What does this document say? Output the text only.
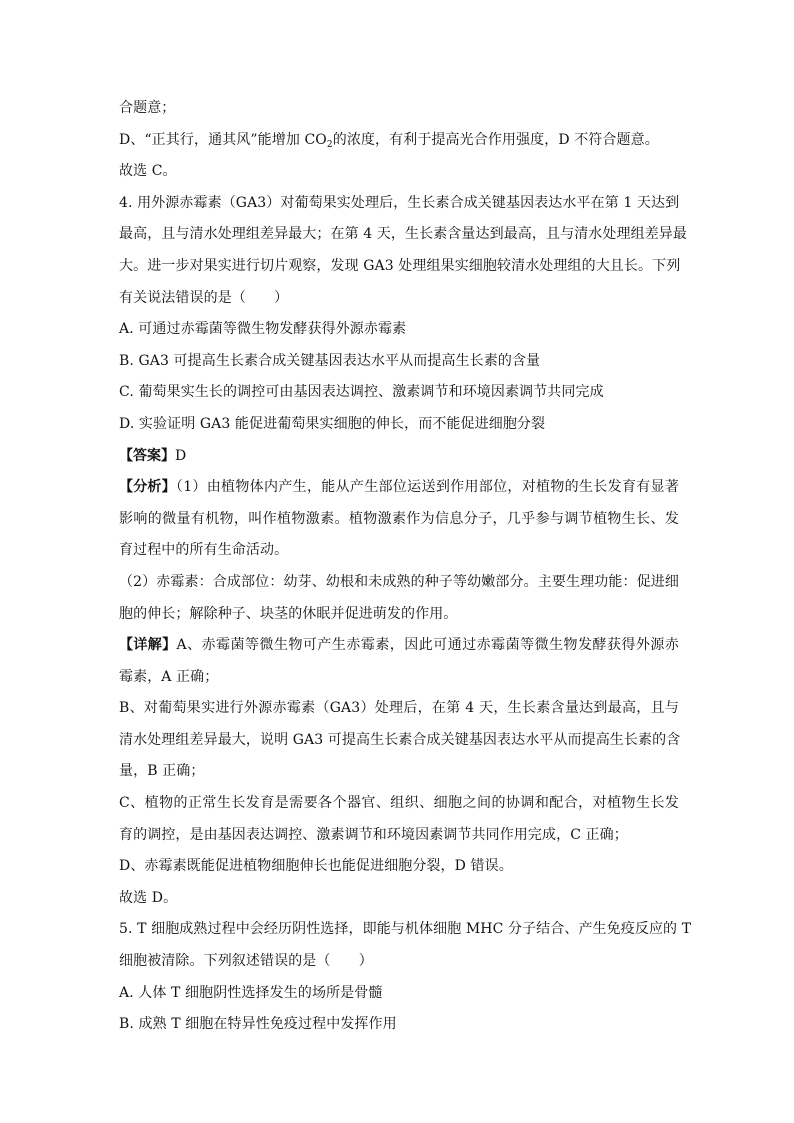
合题意；
D、“正其行，通其风”能增加 $CO_2$的浓度，有利于提高光合作用强度，D 不符合题意。
故选 C。
4. 用外源赤霉素（GA3）对葡萄果实处理后，生长素合成关键基因表达水平在第 1 天达到
最高，且与清水处理组差异最大；在第 4 天，生长素含量达到最高，且与清水处理组差异最
大。进一步对果实进行切片观察，发现 GA3 处理组果实细胞较清水处理组的大且长。下列
有关说法错误的是（　　）
A. 可通过赤霉菌等微生物发酵获得外源赤霉素
B. GA3 可提高生长素合成关键基因表达水平从而提高生长素的含量
C. 葡萄果实生长的调控可由基因表达调控、激素调节和环境因素调节共同完成
D. 实验证明 GA3 能促进葡萄果实细胞的伸长，而不能促进细胞分裂
【答案】D
【分析】（1）由植物体内产生，能从产生部位运送到作用部位，对植物的生长发育有显著
影响的微量有机物，叫作植物激素。植物激素作为信息分子，几乎参与调节植物生长、发
育过程中的所有生命活动。
（2）赤霉素：合成部位：幼芽、幼根和未成熟的种子等幼嫩部分。主要生理功能：促进细
胞的伸长；解除种子、块茎的休眠并促进萌发的作用。
【详解】A、赤霉菌等微生物可产生赤霉素，因此可通过赤霉菌等微生物发酵获得外源赤
霉素，A 正确；
B、对葡萄果实进行外源赤霉素（GA3）处理后，在第 4 天，生长素含量达到最高，且与
清水处理组差异最大，说明 GA3 可提高生长素合成关键基因表达水平从而提高生长素的含
量，B 正确；
C、植物的正常生长发育是需要各个器官、组织、细胞之间的协调和配合，对植物生长发
育的调控，是由基因表达调控、激素调节和环境因素调节共同作用完成，C 正确；
D、赤霉素既能促进植物细胞伸长也能促进细胞分裂，D 错误。
故选 D。
5. T 细胞成熟过程中会经历阴性选择，即能与机体细胞 MHC 分子结合、产生免疫反应的 T
细胞被清除。下列叙述错误的是（　　）
A. 人体 T 细胞阴性选择发生的场所是骨髓
B. 成熟 T 细胞在特异性免疫过程中发挥作用
